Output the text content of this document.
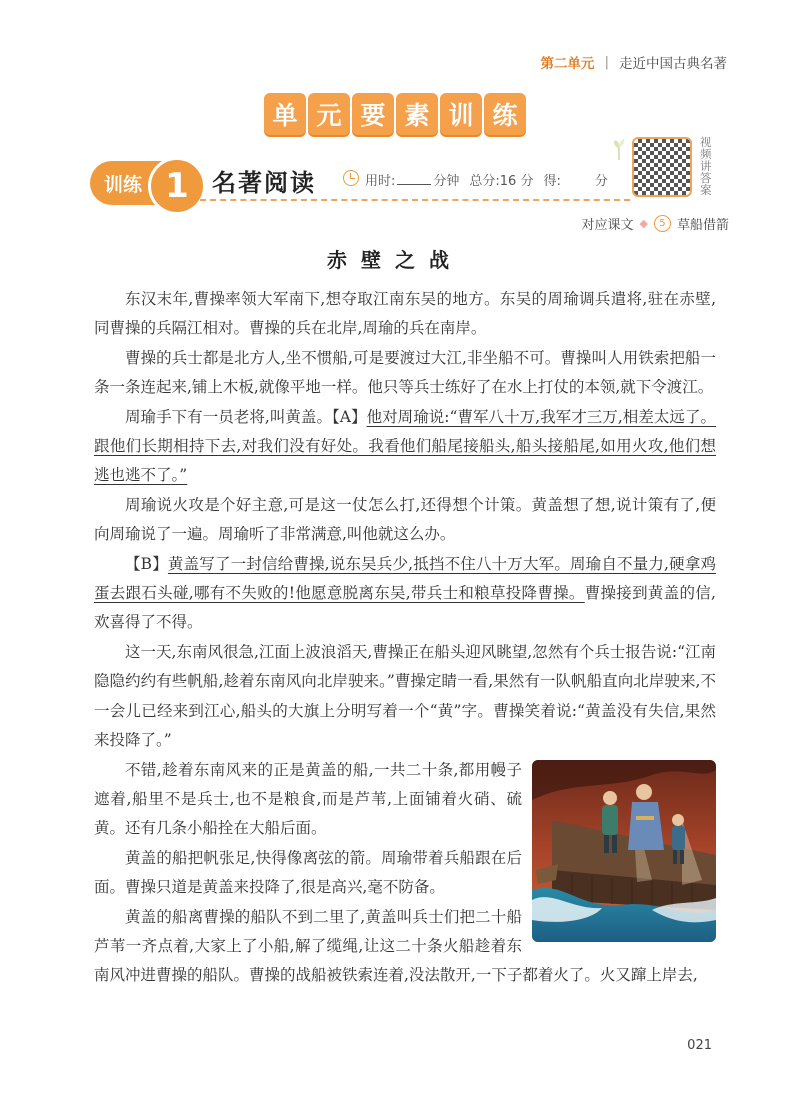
第二单元 | 走近中国古典名著
单 元 要 素 训 练
训练 1 名著阅读	用时:	分钟 总分:16 分 得:	分
视频讲答案
对应课文 ◆	5 草船借箭
赤壁之战

东汉末年,曹操率领大军南下,想夺取江南东吴的地方。东吴的周瑜调兵遣将,驻在赤壁,同曹操的兵隔江相对。曹操的兵在北岸,周瑜的兵在南岸。

曹操的兵士都是北方人,坐不惯船,可是要渡过大江,非坐船不可。曹操叫人用铁索把船一条一条连起来,铺上木板,就像平地一样。他只等兵士练好了在水上打仗的本领,就下令渡江。

周瑜手下有一员老将,叫黄盖。【A】他对周瑜说:“曹军八十万,我军才三万,相差太远了。跟他们长期相持下去,对我们没有好处。我看他们船尾接船头,船头接船尾,如用火攻,他们想逃也逃不了。”

周瑜说火攻是个好主意,可是这一仗怎么打,还得想个计策。黄盖想了想,说计策有了,便向周瑜说了一遍。周瑜听了非常满意,叫他就这么办。

【B】黄盖写了一封信给曹操,说东吴兵少,抵挡不住八十万大军。周瑜自不量力,硬拿鸡蛋去跟石头碰,哪有不失败的!他愿意脱离东吴,带兵士和粮草投降曹操。曹操接到黄盖的信,欢喜得了不得。

这一天,东南风很急,江面上波浪滔天,曹操正在船头迎风眺望,忽然有个兵士报告说:“江南隐隐约约有些帆船,趁着东南风向北岸驶来。”曹操定睛一看,果然有一队帆船直向北岸驶来,不一会儿已经来到江心,船头的大旗上分明写着一个“黄”字。曹操笑着说:“黄盖没有失信,果然来投降了。”

不错,趁着东南风来的正是黄盖的船,一共二十条,都用幔子遮着,船里不是兵士,也不是粮食,而是芦苇,上面铺着火硝、硫黄。还有几条小船拴在大船后面。

黄盖的船把帆张足,快得像离弦的箭。周瑜带着兵船跟在后面。曹操只道是黄盖来投降了,很是高兴,毫不防备。

黄盖的船离曹操的船队不到二里了,黄盖叫兵士们把二十船芦苇一齐点着,大家上了小船,解了缆绳,让这二十条火船趁着东南风冲进曹操的船队。曹操的战船被铁索连着,没法散开,一下子都着火了。火又蹿上岸去,

021
